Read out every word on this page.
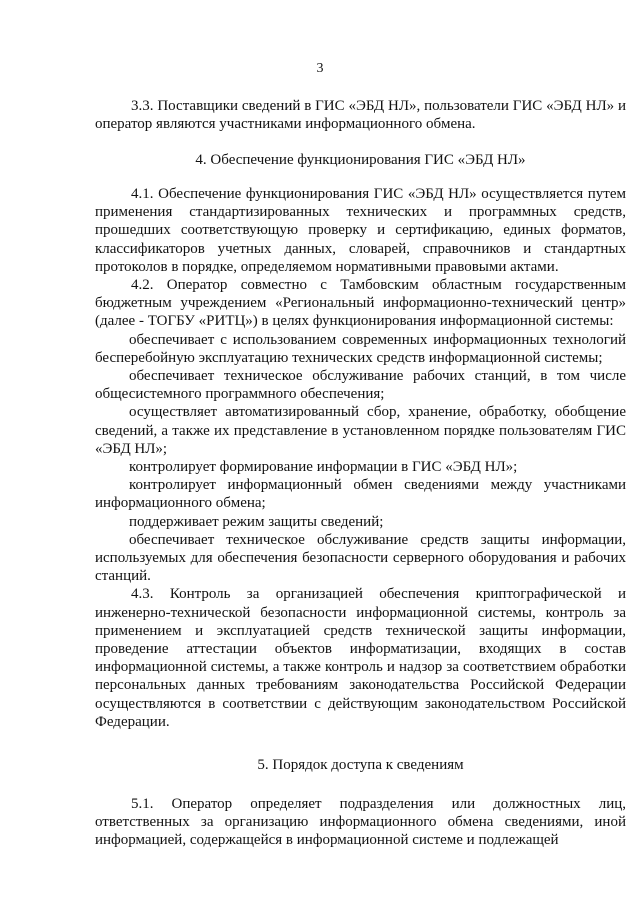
3

3.3. Поставщики сведений в ГИС «ЭБД НЛ», пользователи ГИС «ЭБД НЛ» и оператор являются участниками информационного обмена.

4. Обеспечение функционирования ГИС «ЭБД НЛ»

4.1. Обеспечение функционирования ГИС «ЭБД НЛ» осуществляется путем применения стандартизированных технических и программных средств, прошедших соответствующую проверку и сертификацию, единых форматов, классификаторов учетных данных, словарей, справочников и стандартных протоколов в порядке, определяемом нормативными правовыми актами.

4.2. Оператор совместно с Тамбовским областным государственным бюджетным учреждением «Региональный информационно-технический центр» (далее - ТОГБУ «РИТЦ») в целях функционирования информационной системы:

обеспечивает с использованием современных информационных технологий бесперебойную эксплуатацию технических средств информационной системы;

обеспечивает техническое обслуживание рабочих станций, в том числе общесистемного программного обеспечения;

осуществляет автоматизированный сбор, хранение, обработку, обобщение сведений, а также их представление в установленном порядке пользователям ГИС «ЭБД НЛ»;

контролирует формирование информации в ГИС «ЭБД НЛ»;

контролирует информационный обмен сведениями между участниками информационного обмена;

поддерживает режим защиты сведений;

обеспечивает техническое обслуживание средств защиты информации, используемых для обеспечения безопасности серверного оборудования и рабочих станций.

4.3. Контроль за организацией обеспечения криптографической и инженерно-технической безопасности информационной системы, контроль за применением и эксплуатацией средств технической защиты информации, проведение аттестации объектов информатизации, входящих в состав информационной системы, а также контроль и надзор за соответствием обработки персональных данных требованиям законодательства Российской Федерации осуществляются в соответствии с действующим законодательством Российской Федерации.

5. Порядок доступа к сведениям

5.1. Оператор определяет подразделения или должностных лиц, ответственных за организацию информационного обмена сведениями, иной информацией, содержащейся в информационной системе и подлежащей
